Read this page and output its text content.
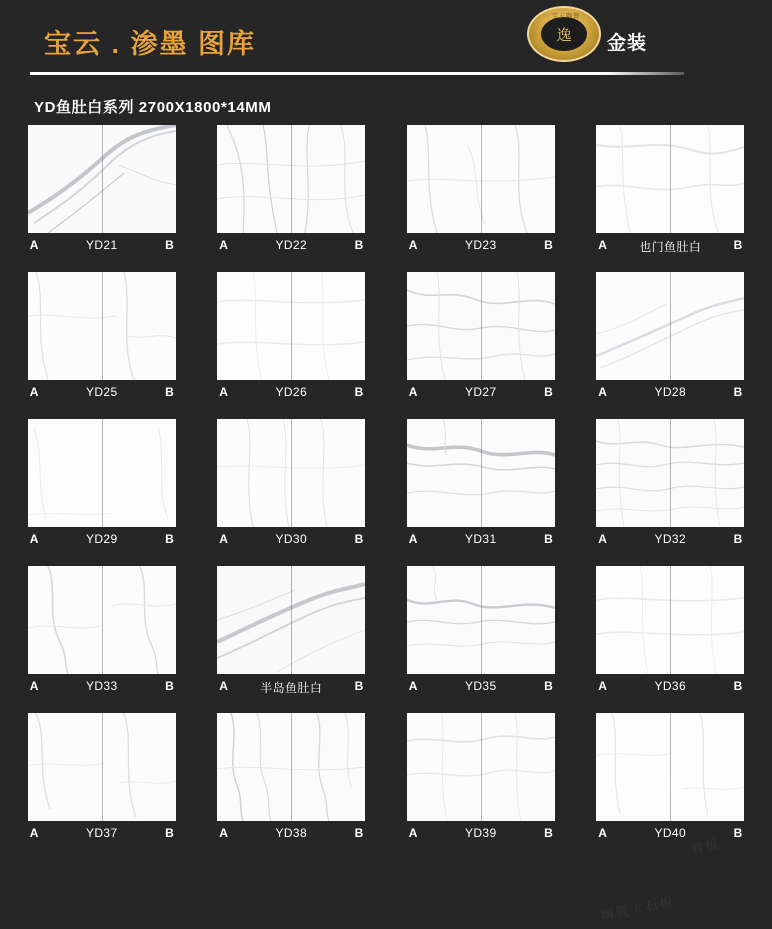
宝云 . 渗墨 图库
宝云陶瓷
逸	金装
YD鱼肚白系列 2700X1800*14MM
A	YD21	B	A	YD22	B	A	YD23	B	A	也门鱼肚白	B
A	YD25	B	A	YD26	B	A	YD27	B	A	YD28	B
A	YD29	B	A	YD30	B	A	YD31	B	A	YD32	B
A	YD33	B	A	半岛鱼肚白	B	A	YD35	B	A	YD36	B
A	YD37	B	A	YD38	B	A	YD39	B	A	YD40	B
岩板
陶瓷大石板
